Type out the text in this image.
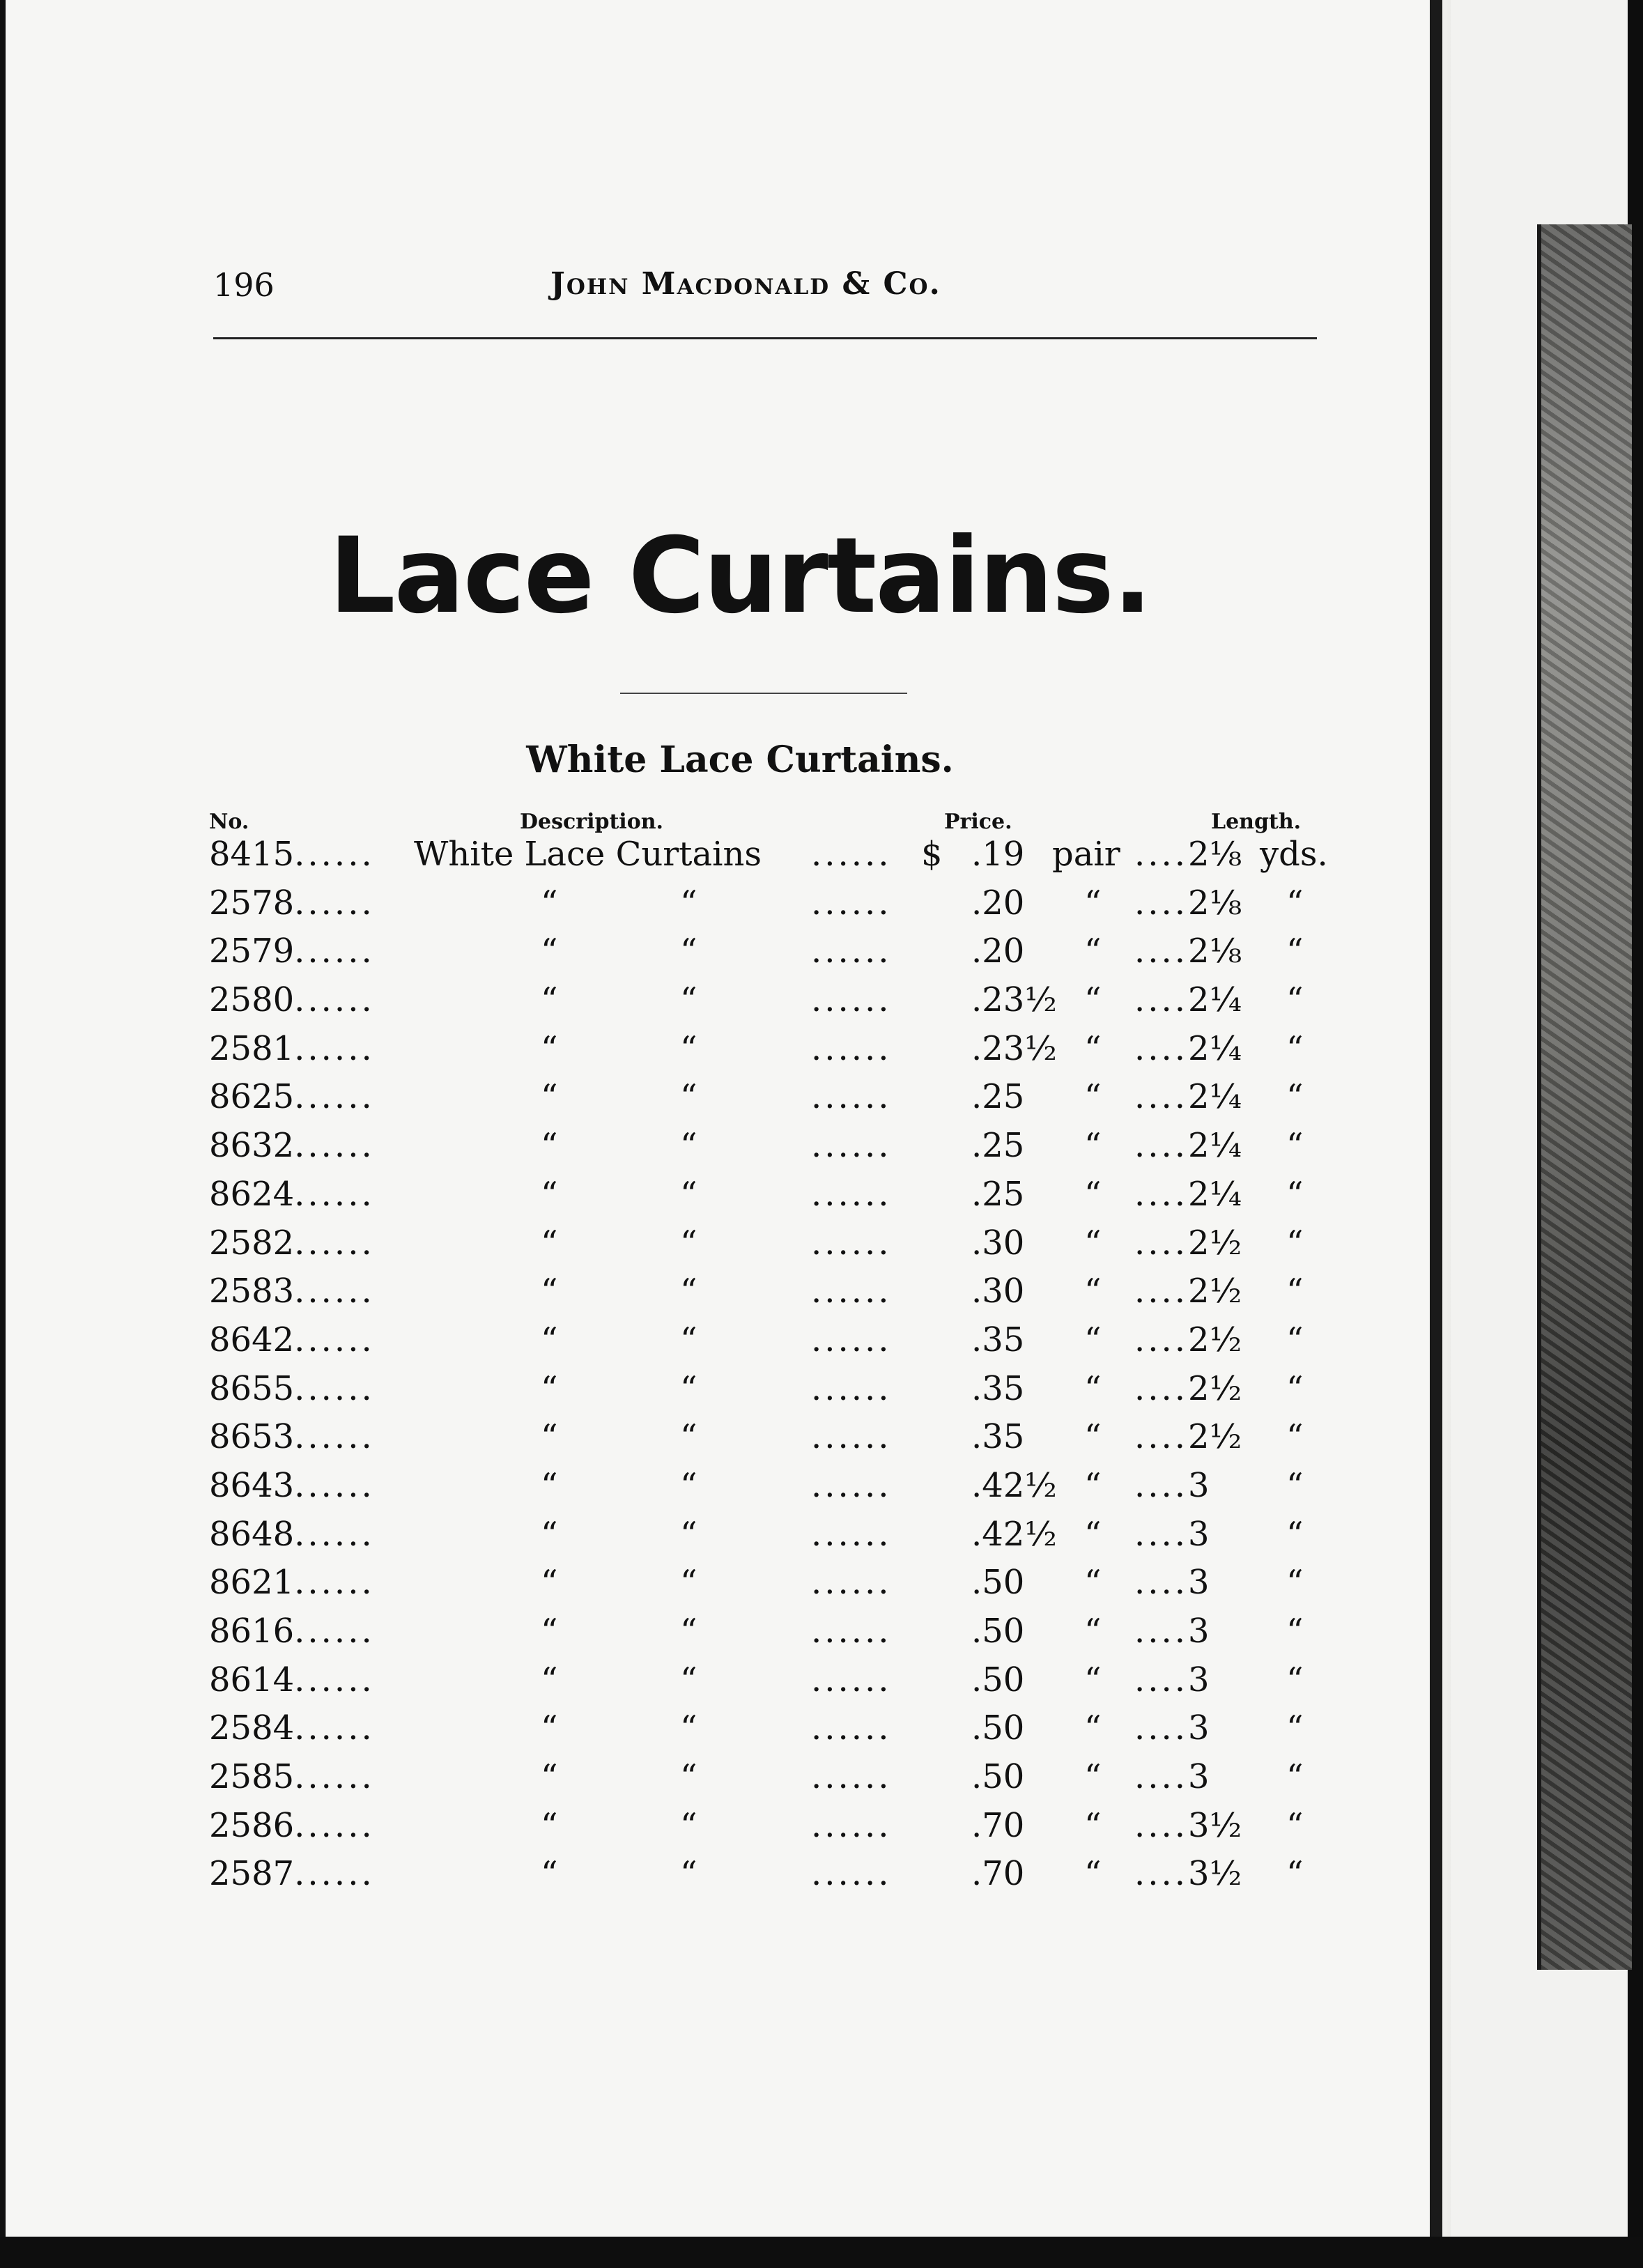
196	John Macdonald & Co.
Lace Curtains.
White Lace Curtains.
No.	Description.	Price.	Length.
8415...... White Lace Curtains ...... $ .19 pair ....2⅛ yds.
2578......	“	“	...... .20 “ ....2⅛ “
2579......	“	“	...... .20 “ ....2⅛ “
2580......	“	“	...... .23½ “ ....2¼ “
2581......	“	“	...... .23½ “ ....2¼ “
8625......	“	“	...... .25 “ ....2¼ “
8632......	“	“	...... .25 “ ....2¼ “
8624......	“	“	...... .25 “ ....2¼ “
2582......	“	“	...... .30 “ ....2½ “
2583......	“	“	...... .30 “ ....2½ “
8642......	“	“	...... .35 “ ....2½ “
8655......	“	“	...... .35 “ ....2½ “
8653......	“	“	...... .35 “ ....2½ “
8643......	“	“	...... .42½ “ ....3 “
8648......	“	“	...... .42½ “ ....3 “
8621......	“	“	...... .50 “ ....3 “
8616......	“	“	...... .50 “ ....3 “
8614......	“	“	...... .50 “ ....3 “
2584......	“	“	...... .50 “ ....3 “
2585......	“	“	...... .50 “ ....3 “
2586......	“	“	...... .70 “ ....3½ “
2587......	“	“	...... .70 “ ....3½ “
